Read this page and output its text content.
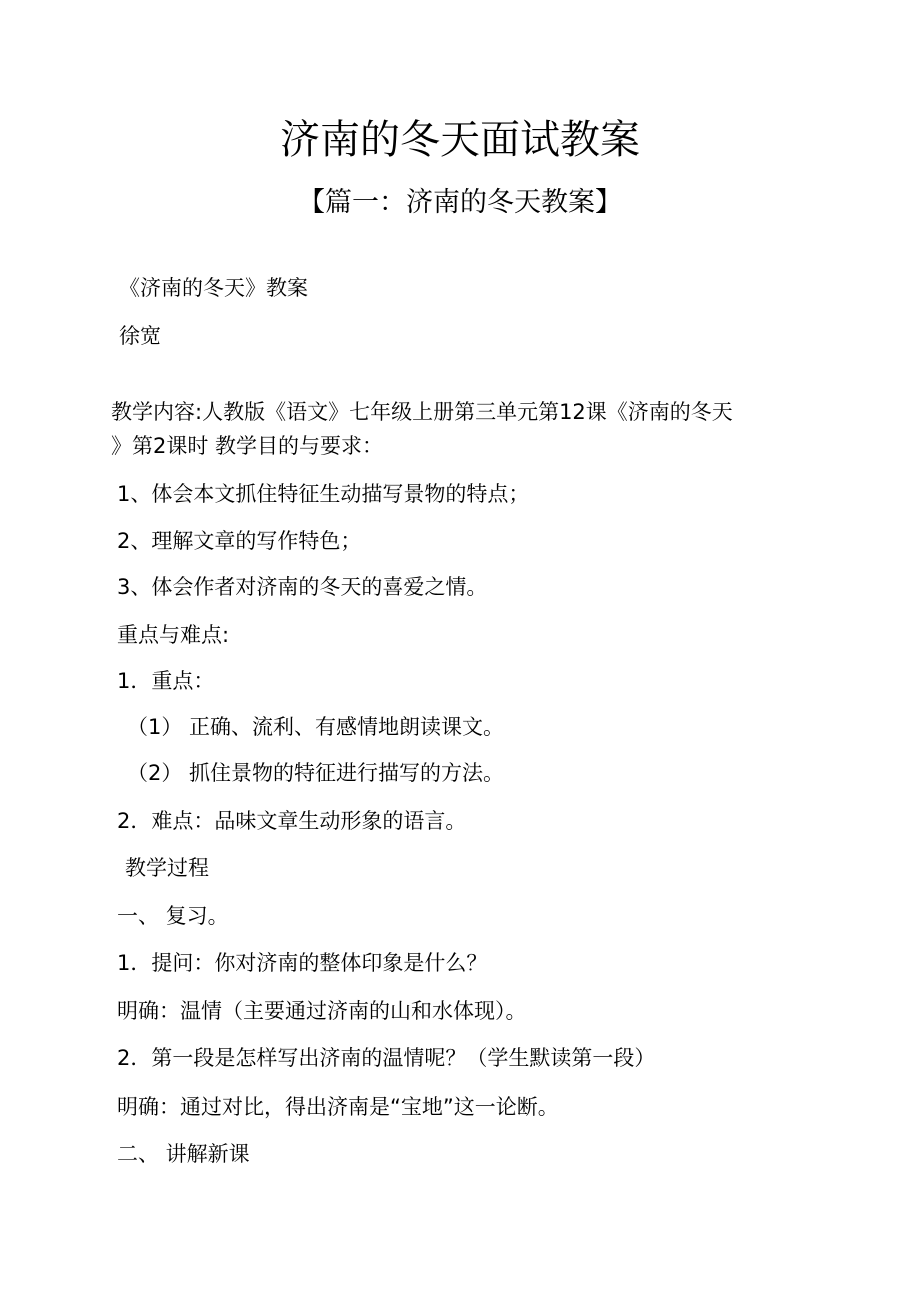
济南的冬天面试教案
【篇一：济南的冬天教案】
《济南的冬天》教案
徐宽
教学内容:人教版《语文》七年级上册第三单元第12课《济南的冬天
》第2课时 教学目的与要求：
1、体会本文抓住特征生动描写景物的特点；
2、理解文章的写作特色；
3、体会作者对济南的冬天的喜爱之情。
重点与难点:
1．重点：
（1） 正确、流利、有感情地朗读课文。
（2） 抓住景物的特征进行描写的方法。
2．难点：品味文章生动形象的语言。
教学过程
一、 复习。
1．提问：你对济南的整体印象是什么？
明确：温情（主要通过济南的山和水体现）。
2．第一段是怎样写出济南的温情呢？（学生默读第一段）
明确：通过对比，得出济南是“宝地”这一论断。
二、 讲解新课
